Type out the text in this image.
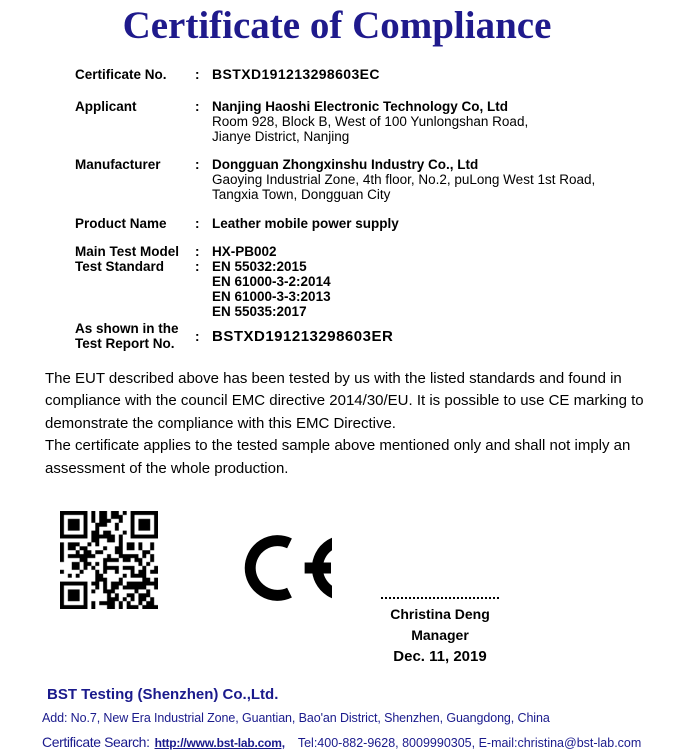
Certificate of Compliance
Certificate No.	: BSTXD191213298603EC
Applicant	: Nanjing Haoshi Electronic Technology Co, Ltd
Room 928, Block B, West of 100 Yunlongshan Road,
Jianye District, Nanjing
Manufacturer	: Dongguan Zhongxinshu Industry Co., Ltd
Gaoying Industrial Zone, 4th floor, No.2, puLong West 1st Road,
Tangxia Town, Dongguan City
Product Name	: Leather mobile power supply
Main Test Model	: HX-PB002
Test Standard	: EN 55032:2015
EN 61000-3-2:2014
EN 61000-3-3:2013
EN 55035:2017
As shown in the
Test Report No.	: BSTXD191213298603ER

The EUT described above has been tested by us with the listed standards and found in compliance with the council EMC directive 2014/30/EU. It is possible to use CE marking to demonstrate the compliance with this EMC Directive.

The certificate applies to the tested sample above mentioned only and shall not imply an assessment of the whole production.

Christina Deng
Manager
Dec. 11, 2019
BST Testing (Shenzhen) Co.,Ltd.
Add: No.7, New Era Industrial Zone, Guantian, Bao'an District, Shenzhen, Guangdong, China
Certificate Search: http://www.bst-lab.com, Tel:400-882-9628, 8009990305, E-mail:christina@bst-lab.com
